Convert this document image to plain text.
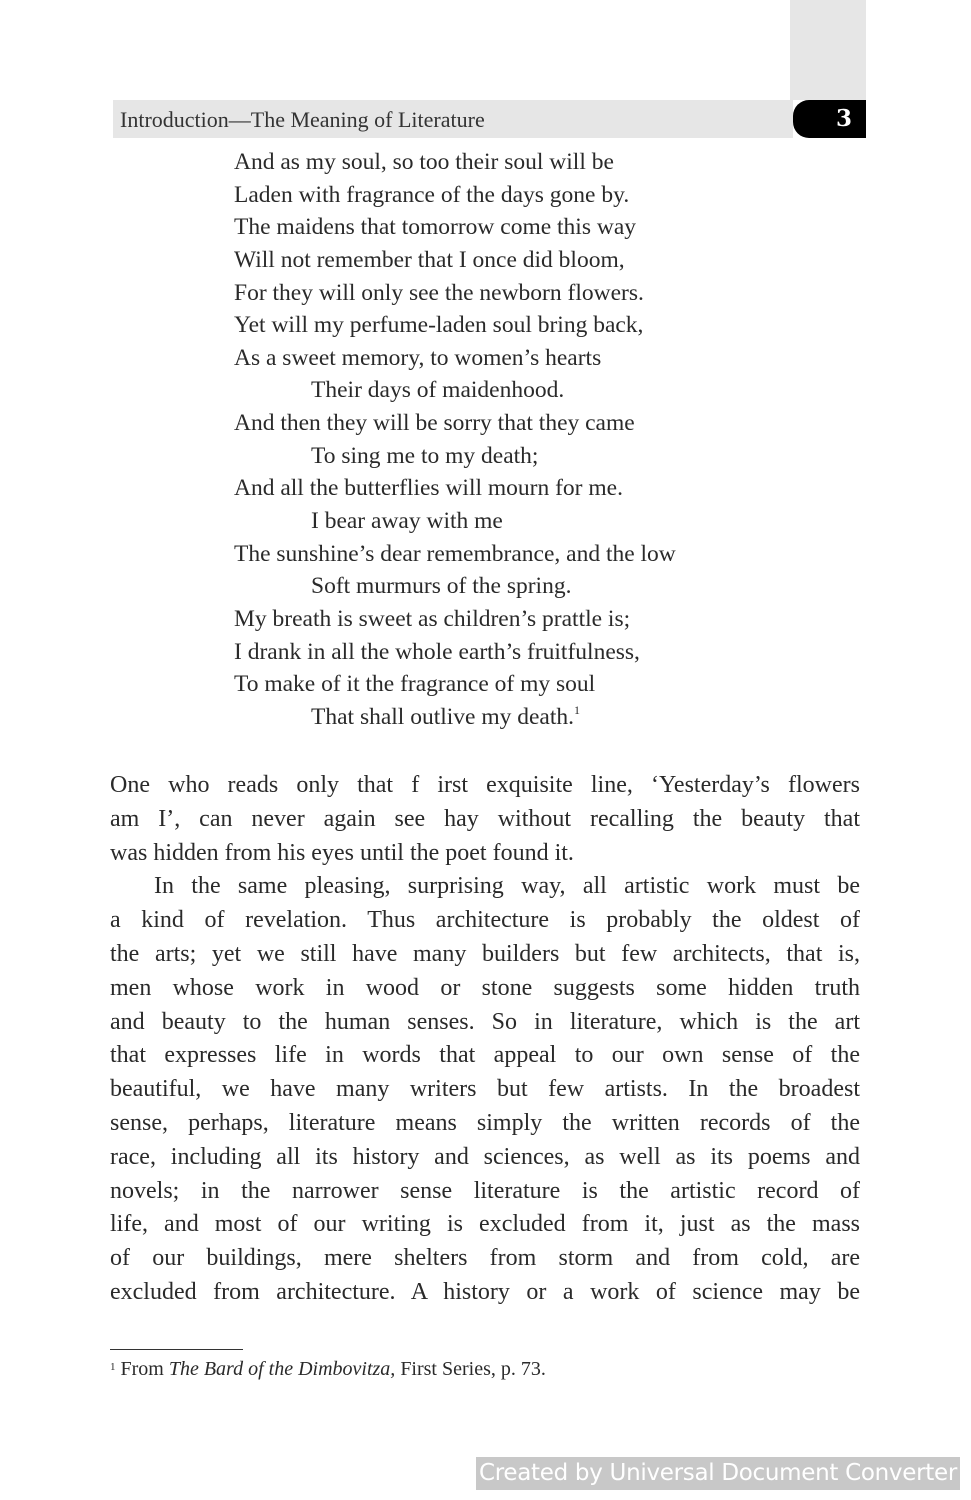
Introduction—The Meaning of Literature	3
And as my soul, so too their soul will be
Laden with fragrance of the days gone by.
The maidens that tomorrow come this way
Will not remember that I once did bloom,
For they will only see the newborn flowers.
Yet will my perfume-laden soul bring back,
As a sweet memory, to women’s hearts
Their days of maidenhood.
And then they will be sorry that they came
To sing me to my death;
And all the butterflies will mourn for me.
I bear away with me
The sunshine’s dear remembrance, and the low
Soft murmurs of the spring.
My breath is sweet as children’s prattle is;
I drank in all the whole earth’s fruitfulness,
To make of it the fragrance of my soul
That shall outlive my death.$^1$
One who reads only that f irst exquisite line, ‘Yesterday’s flowers
am I’, can never again see hay without recalling the beauty that
was hidden from his eyes until the poet found it.
In the same pleasing, surprising way, all artistic work must be
a kind of revelation. Thus architecture is probably the oldest of
the arts; yet we still have many builders but few architects, that is,
men whose work in wood or stone suggests some hidden truth
and beauty to the human senses. So in literature, which is the art
that expresses life in words that appeal to our own sense of the
beautiful, we have many writers but few artists. In the broadest
sense, perhaps, literature means simply the written records of the
race, including all its history and sciences, as well as its poems and
novels; in the narrower sense literature is the artistic record of
life, and most of our writing is excluded from it, just as the mass
of our buildings, mere shelters from storm and from cold, are
excluded from architecture. A history or a work of science may be
$^1$ From The Bard of the Dimbovitza, First Series, p. 73.
Created by Universal Document Converter
